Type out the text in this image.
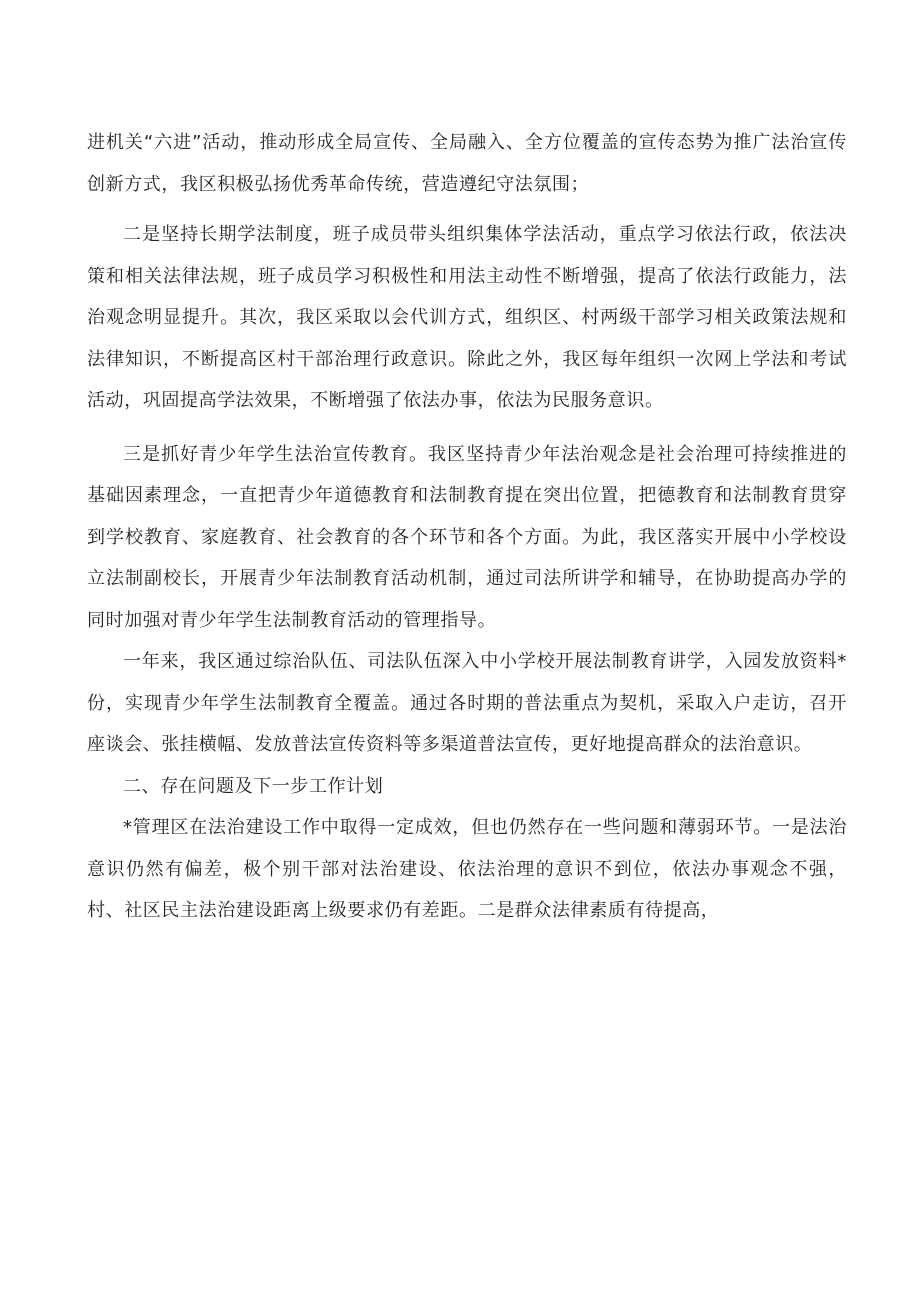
进机关“六进”活动，推动形成全局宣传、全局融入、全方位覆盖的宣传态势为推广法治宣传创新方式，我区积极弘扬优秀革命传统，营造遵纪守法氛围；

二是坚持长期学法制度，班子成员带头组织集体学法活动，重点学习依法行政，依法决策和相关法律法规，班子成员学习积极性和用法主动性不断增强，提高了依法行政能力，法治观念明显提升。其次，我区采取以会代训方式，组织区、村两级干部学习相关政策法规和法律知识，不断提高区村干部治理行政意识。除此之外，我区每年组织一次网上学法和考试活动，巩固提高学法效果，不断增强了依法办事，依法为民服务意识。

三是抓好青少年学生法治宣传教育。我区坚持青少年法治观念是社会治理可持续推进的基础因素理念，一直把青少年道德教育和法制教育提在突出位置，把德教育和法制教育贯穿到学校教育、家庭教育、社会教育的各个环节和各个方面。为此，我区落实开展中小学校设立法制副校长，开展青少年法制教育活动机制，通过司法所讲学和辅导，在协助提高办学的同时加强对青少年学生法制教育活动的管理指导。

一年来，我区通过综治队伍、司法队伍深入中小学校开展法制教育讲学，入园发放资料*份，实现青少年学生法制教育全覆盖。通过各时期的普法重点为契机，采取入户走访，召开座谈会、张挂横幅、发放普法宣传资料等多渠道普法宣传，更好地提高群众的法治意识。

二、存在问题及下一步工作计划

*管理区在法治建设工作中取得一定成效，但也仍然存在一些问题和薄弱环节。一是法治意识仍然有偏差，极个别干部对法治建设、依法治理的意识不到位，依法办事观念不强，村、社区民主法治建设距离上级要求仍有差距。二是群众法律素质有待提高，
